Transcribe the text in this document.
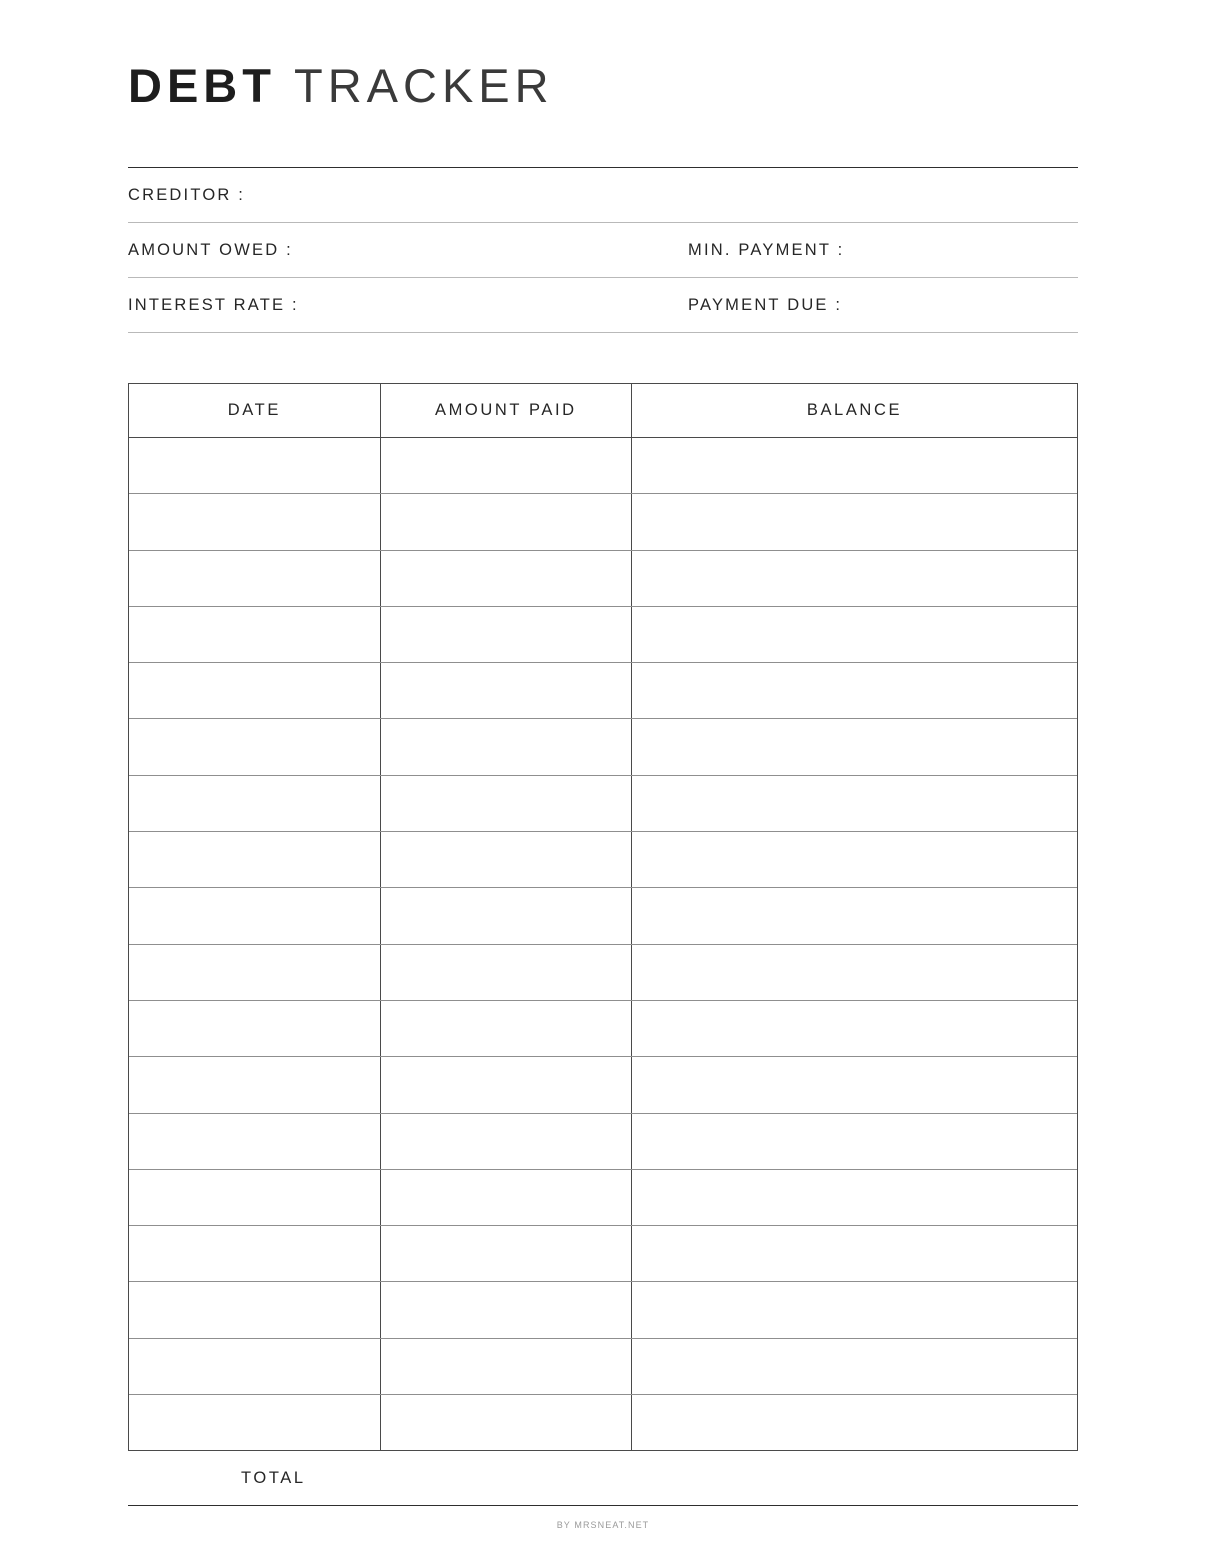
DEBT TRACKER
CREDITOR :
AMOUNT OWED :	MIN. PAYMENT :
INTEREST RATE :	PAYMENT DUE :
DATE	AMOUNT PAID	BALANCE

TOTAL
BY MRSNEAT.NET
